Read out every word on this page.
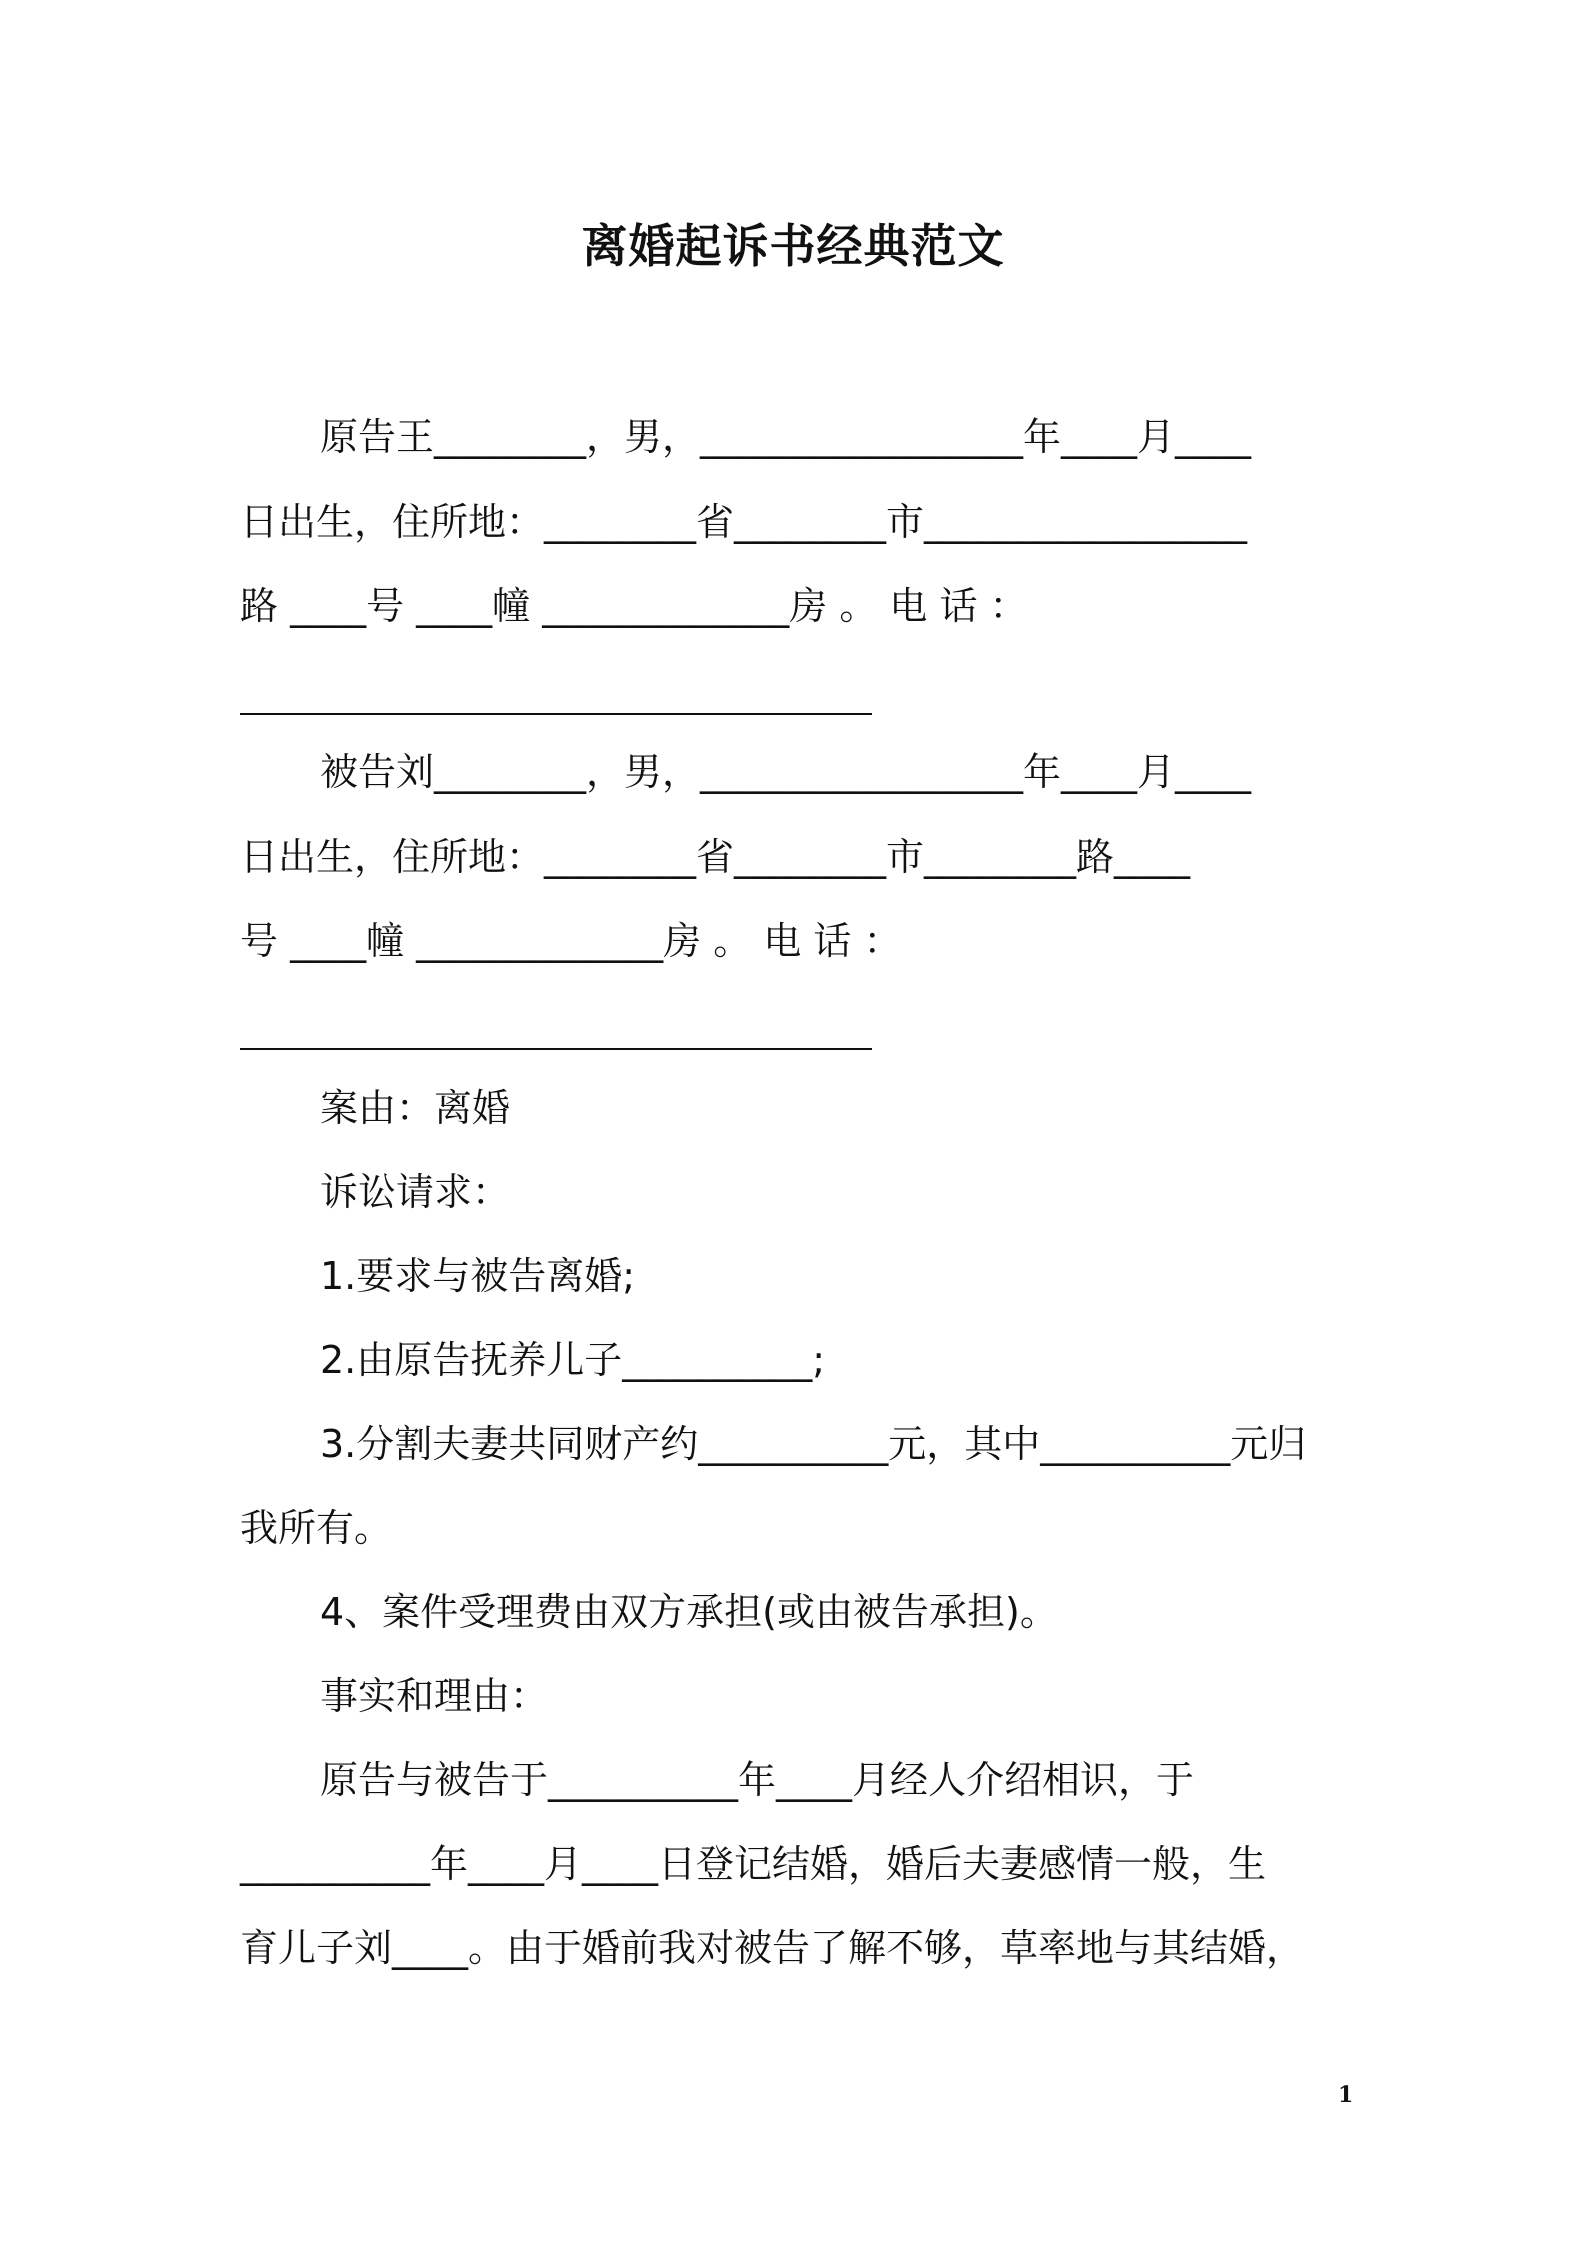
离婚起诉书经典范文
原告王________，男，_________________年____月____
日出生，住所地：________省________市_________________
路 ____号 ____幢 _____________房 。 电 话 ：
被告刘________，男，_________________年____月____
日出生，住所地：________省________市________路____
号 ____幢 _____________房 。 电 话 ：
案由：离婚
诉讼请求：
1.要求与被告离婚;
2.由原告抚养儿子__________;
3.分割夫妻共同财产约__________元，其中__________元归
我所有。
4、案件受理费由双方承担(或由被告承担)。
事实和理由：
原告与被告于__________年____月经人介绍相识，于
__________年____月____日登记结婚，婚后夫妻感情一般，生
育儿子刘____。由于婚前我对被告了解不够，草率地与其结婚，
1
